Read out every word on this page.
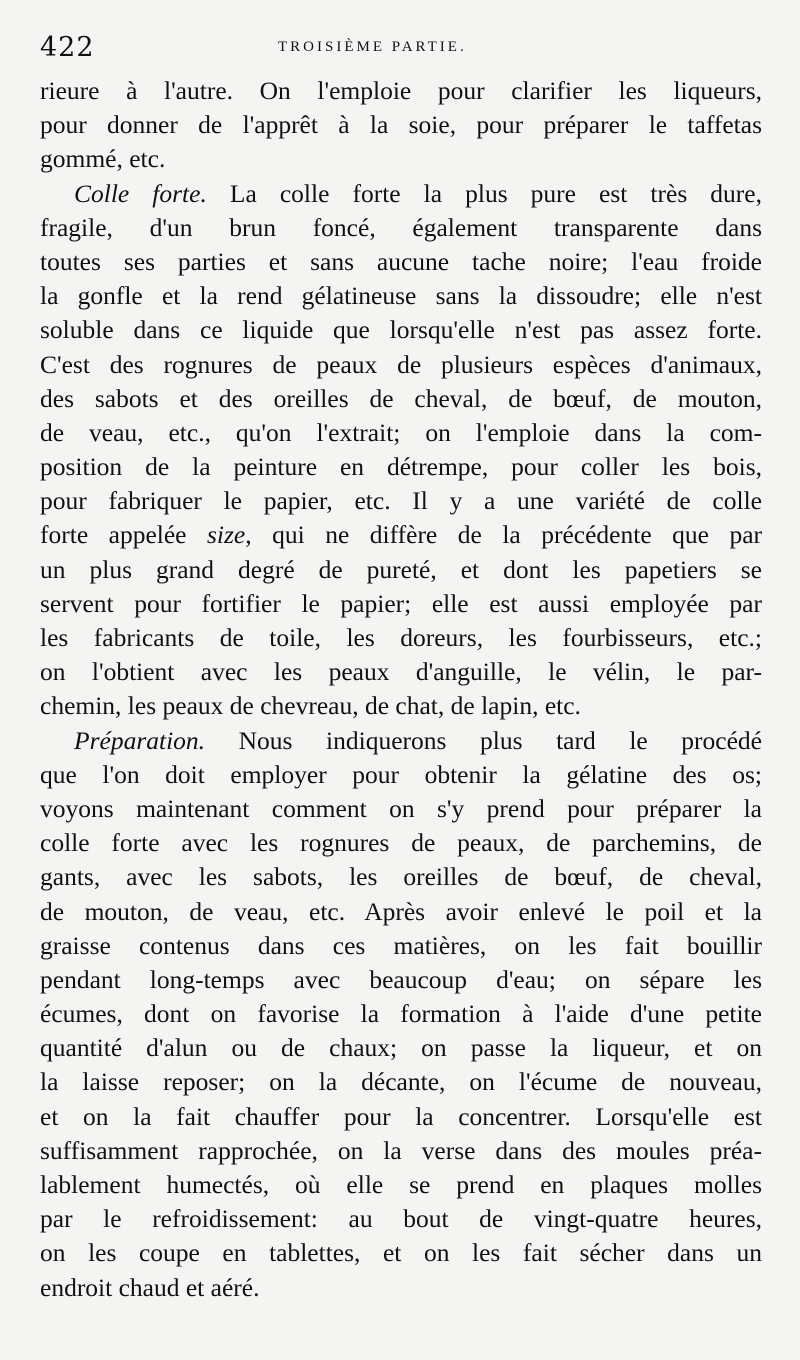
422	TROISIÈME PARTIE.
rieure à l'autre. On l'emploie pour clarifier les liqueurs,
pour donner de l'apprêt à la soie, pour préparer le taffetas
gommé, etc.
Colle forte. La colle forte la plus pure est très dure,
fragile, d'un brun foncé, également transparente dans
toutes ses parties et sans aucune tache noire; l'eau froide
la gonfle et la rend gélatineuse sans la dissoudre; elle n'est
soluble dans ce liquide que lorsqu'elle n'est pas assez forte.
C'est des rognures de peaux de plusieurs espèces d'animaux,
des sabots et des oreilles de cheval, de bœuf, de mouton,
de veau, etc., qu'on l'extrait; on l'emploie dans la com-
position de la peinture en détrempe, pour coller les bois,
pour fabriquer le papier, etc. Il y a une variété de colle
forte appelée size, qui ne diffère de la précédente que par
un plus grand degré de pureté, et dont les papetiers se
servent pour fortifier le papier; elle est aussi employée par
les fabricants de toile, les doreurs, les fourbisseurs, etc.;
on l'obtient avec les peaux d'anguille, le vélin, le par-
chemin, les peaux de chevreau, de chat, de lapin, etc.
Préparation. Nous indiquerons plus tard le procédé
que l'on doit employer pour obtenir la gélatine des os;
voyons maintenant comment on s'y prend pour préparer la
colle forte avec les rognures de peaux, de parchemins, de
gants, avec les sabots, les oreilles de bœuf, de cheval,
de mouton, de veau, etc. Après avoir enlevé le poil et la
graisse contenus dans ces matières, on les fait bouillir
pendant long-temps avec beaucoup d'eau; on sépare les
écumes, dont on favorise la formation à l'aide d'une petite
quantité d'alun ou de chaux; on passe la liqueur, et on
la laisse reposer; on la décante, on l'écume de nouveau,
et on la fait chauffer pour la concentrer. Lorsqu'elle est
suffisamment rapprochée, on la verse dans des moules préa-
lablement humectés, où elle se prend en plaques molles
par le refroidissement: au bout de vingt-quatre heures,
on les coupe en tablettes, et on les fait sécher dans un
endroit chaud et aéré.
